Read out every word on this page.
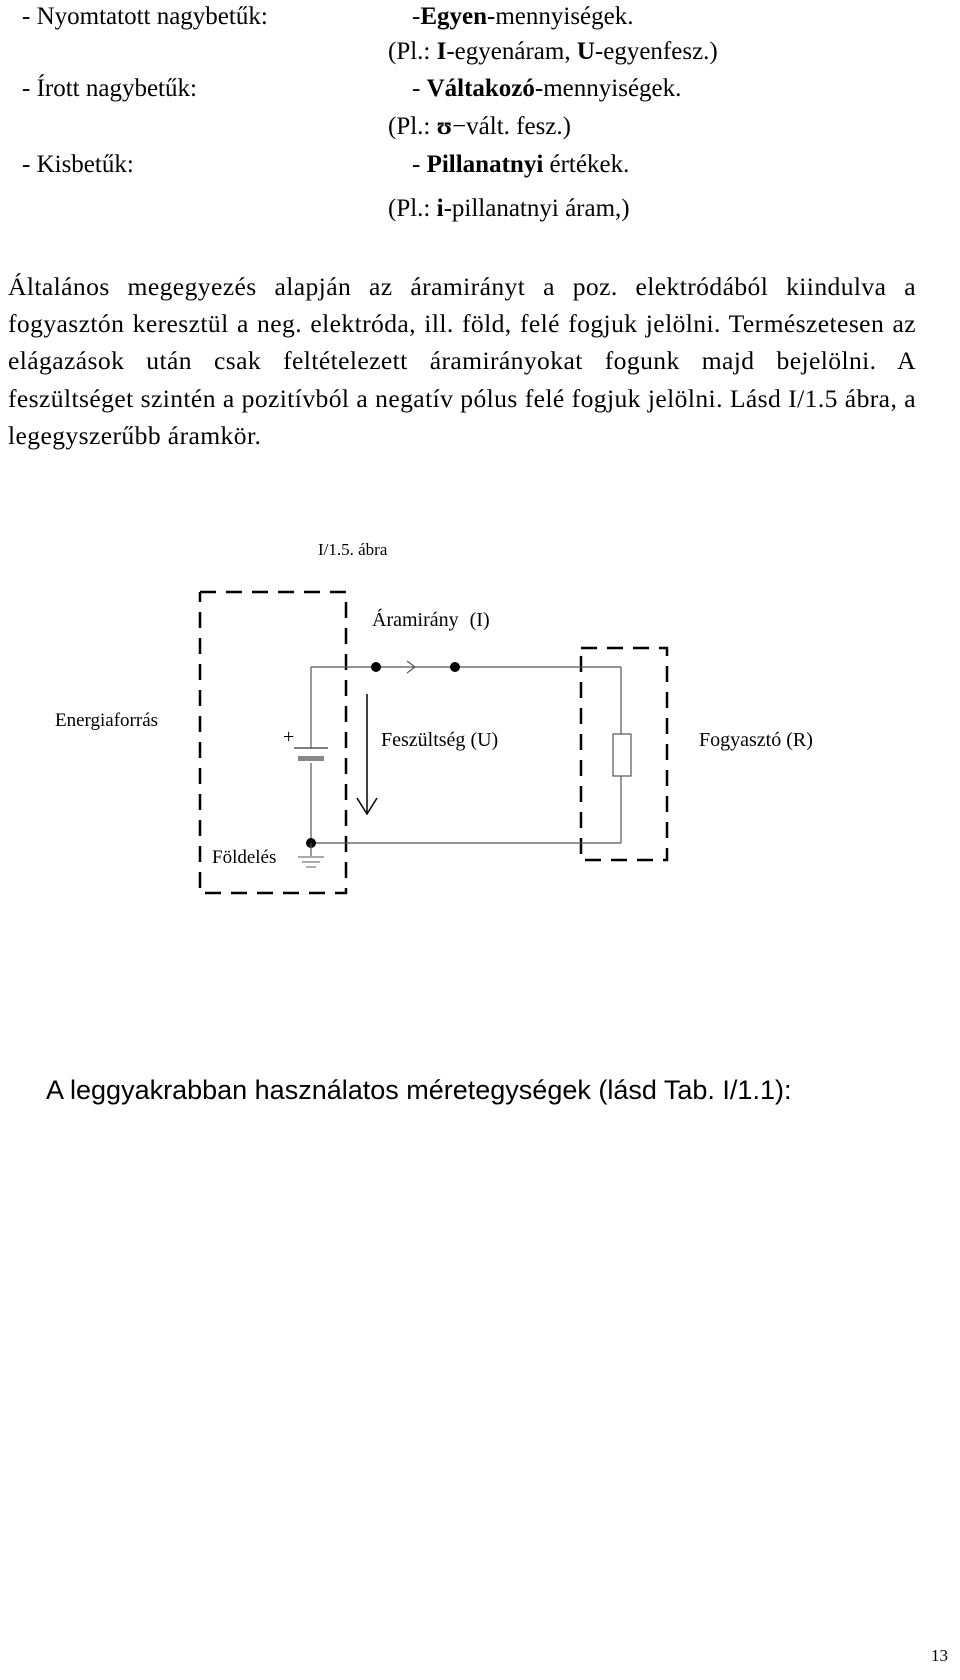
- Nyomtatott nagybetűk:	-Egyen-mennyiségek.
(Pl.: I-egyenáram, U-egyenfesz.)
- Írott nagybetűk:	- Váltakozó-mennyiségek.
(Pl.: ʊ−vált. fesz.)
- Kisbetűk:	- Pillanatnyi értékek.
(Pl.: i-pillanatnyi áram,)
Általános megegyezés alapján az áramirányt a poz. elektródából kiindulva a fogyasztón keresztül a neg. elektróda, ill. föld, felé fogjuk jelölni. Természetesen az elágazások után csak feltételezett áramirányokat fogunk majd bejelölni. A feszültséget szintén a pozitívból a negatív pólus felé fogjuk jelölni. Lásd I/1.5 ábra, a legegyszerűbb áramkör.
I/1.5. ábra
+
Áramirány (I)
Energiaforrás
Feszültség (U)	Fogyasztó (R)
Földelés
A leggyakrabban használatos méretegységek (lásd Tab. I/1.1):
13
